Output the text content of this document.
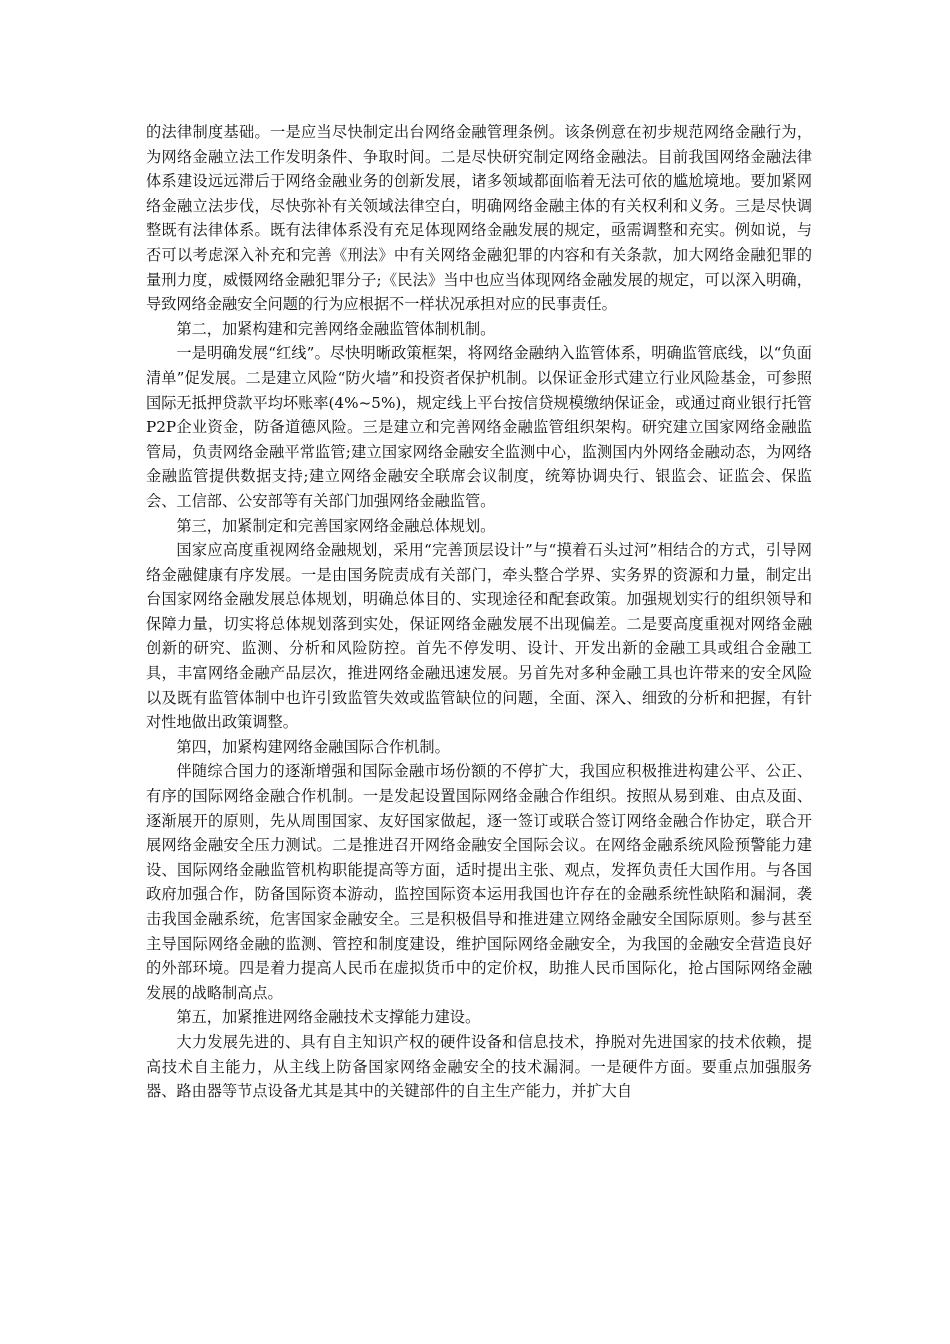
的法律制度基础。一是应当尽快制定出台网络金融管理条例。该条例意在初步规范网络金融行为，为网络金融立法工作发明条件、争取时间。二是尽快研究制定网络金融法。目前我国网络金融法律体系建设远远滞后于网络金融业务的创新发展，诸多领域都面临着无法可依的尴尬境地。要加紧网络金融立法步伐，尽快弥补有关领域法律空白，明确网络金融主体的有关权利和义务。三是尽快调整既有法律体系。既有法律体系没有充足体现网络金融发展的规定，亟需调整和充实。例如说，与否可以考虑深入补充和完善《刑法》中有关网络金融犯罪的内容和有关条款，加大网络金融犯罪的量刑力度，威慑网络金融犯罪分子;《民法》当中也应当体现网络金融发展的规定，可以深入明确，导致网络金融安全问题的行为应根据不一样状况承担对应的民事责任。

第二，加紧构建和完善网络金融监管体制机制。

一是明确发展“红线”。尽快明晰政策框架，将网络金融纳入监管体系，明确监管底线，以“负面清单”促发展。二是建立风险“防火墙”和投资者保护机制。以保证金形式建立行业风险基金，可参照国际无抵押贷款平均坏账率(4%~5%)，规定线上平台按信贷规模缴纳保证金，或通过商业银行托管P2P企业资金，防备道德风险。三是建立和完善网络金融监管组织架构。研究建立国家网络金融监管局，负责网络金融平常监管;建立国家网络金融安全监测中心，监测国内外网络金融动态，为网络金融监管提供数据支持;建立网络金融安全联席会议制度，统筹协调央行、银监会、证监会、保监会、工信部、公安部等有关部门加强网络金融监管。

第三，加紧制定和完善国家网络金融总体规划。

国家应高度重视网络金融规划，采用“完善顶层设计”与“摸着石头过河”相结合的方式，引导网络金融健康有序发展。一是由国务院责成有关部门，牵头整合学界、实务界的资源和力量，制定出台国家网络金融发展总体规划，明确总体目的、实现途径和配套政策。加强规划实行的组织领导和保障力量，切实将总体规划落到实处，保证网络金融发展不出现偏差。二是要高度重视对网络金融创新的研究、监测、分析和风险防控。首先不停发明、设计、开发出新的金融工具或组合金融工具，丰富网络金融产品层次，推进网络金融迅速发展。另首先对多种金融工具也许带来的安全风险以及既有监管体制中也许引致监管失效或监管缺位的问题，全面、深入、细致的分析和把握，有针对性地做出政策调整。

第四，加紧构建网络金融国际合作机制。

伴随综合国力的逐渐增强和国际金融市场份额的不停扩大，我国应积极推进构建公平、公正、有序的国际网络金融合作机制。一是发起设置国际网络金融合作组织。按照从易到难、由点及面、逐渐展开的原则，先从周围国家、友好国家做起，逐一签订或联合签订网络金融合作协定，联合开展网络金融安全压力测试。二是推进召开网络金融安全国际会议。在网络金融系统风险预警能力建设、国际网络金融监管机构职能提高等方面，适时提出主张、观点，发挥负责任大国作用。与各国政府加强合作，防备国际资本游动，监控国际资本运用我国也许存在的金融系统性缺陷和漏洞，袭击我国金融系统，危害国家金融安全。三是积极倡导和推进建立网络金融安全国际原则。参与甚至主导国际网络金融的监测、管控和制度建设，维护国际网络金融安全，为我国的金融安全营造良好的外部环境。四是着力提高人民币在虚拟货币中的定价权，助推人民币国际化，抢占国际网络金融发展的战略制高点。

第五，加紧推进网络金融技术支撑能力建设。

大力发展先进的、具有自主知识产权的硬件设备和信息技术，挣脱对先进国家的技术依赖，提高技术自主能力，从主线上防备国家网络金融安全的技术漏洞。一是硬件方面。要重点加强服务器、路由器等节点设备尤其是其中的关键部件的自主生产能力，并扩大自
